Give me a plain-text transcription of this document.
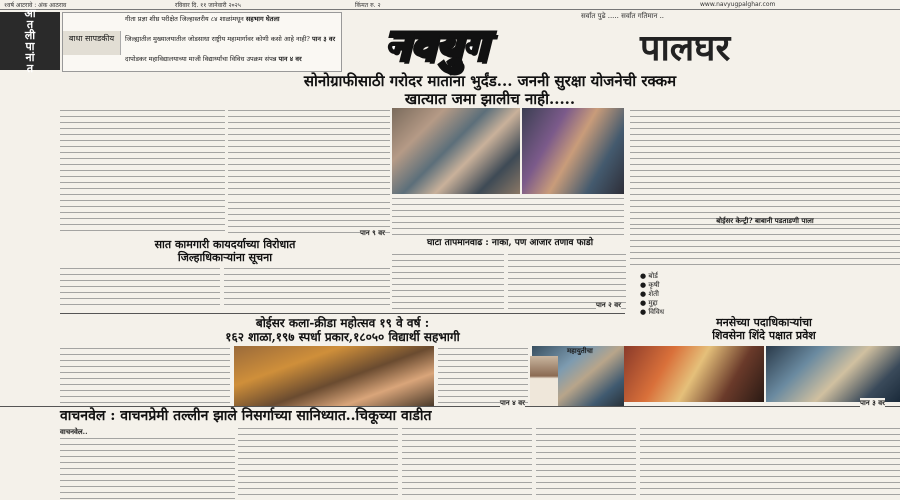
१वर्ष आटरावे : अंक आठराव	रविवार दि. ११ जानेवारी २०२५	किंमत रु. २	www.navyugpalghar.com
आ
त
ली
पा
नां
त
गीता प्रज्ञा शीघ्र परीक्षेत जिल्हास्तरीय ८४ शाळांमधून सहभाग घेतला
बाधा सापडकीय	जिल्ह्यातील मुख्यालयातील जोडसाधा राष्ट्रीय महामार्गावर कोणी कसो आहे नाही? पान ३ वर
दापोडकर महाविद्यालयाच्या माजी विद्यार्थ्यांचा विविध उपक्रम संपन्न पान ४ वर
सर्वांत पुढे ..... सर्वांत गतिमान ..
नवयुग	पालघर
सोनोग्राफीसाठी गरोदर मातांना भुर्दंड... जननी सुरक्षा योजनेची रक्कम
खात्यात जमा झालीच नाही.....
बोईसर केन्ट्री? बाबानी पडताडणी पाला
● बोर्ड
● कृषी
● शेती
● मुद्दा
● विविध
सात कामगारी कायदर्याच्या विरोधात
जिल्हाधिकाऱ्यांना सूचना
घाटा तापमानवाढ : नाका, पण आजार तणाव फाडो
बोईसर कला-क्रीडा महोत्सव १९ वे वर्ष :
१६२ शाळा,१९७ स्पर्धा प्रकार,१८०५० विद्यार्थी सहभागी
मनसेच्या पदाधिकाऱ्यांचा
शिवसेना शिंदे पक्षात प्रवेश
महायुतीचा
वाचनवेल : वाचनप्रेमी तल्लीन झाले निसर्गाच्या सानिध्यात..चिकूच्या वाडीत
वाचनवेल..
पान ९ वर
पान २ वर
पान ४ वर	पान ३ वर
